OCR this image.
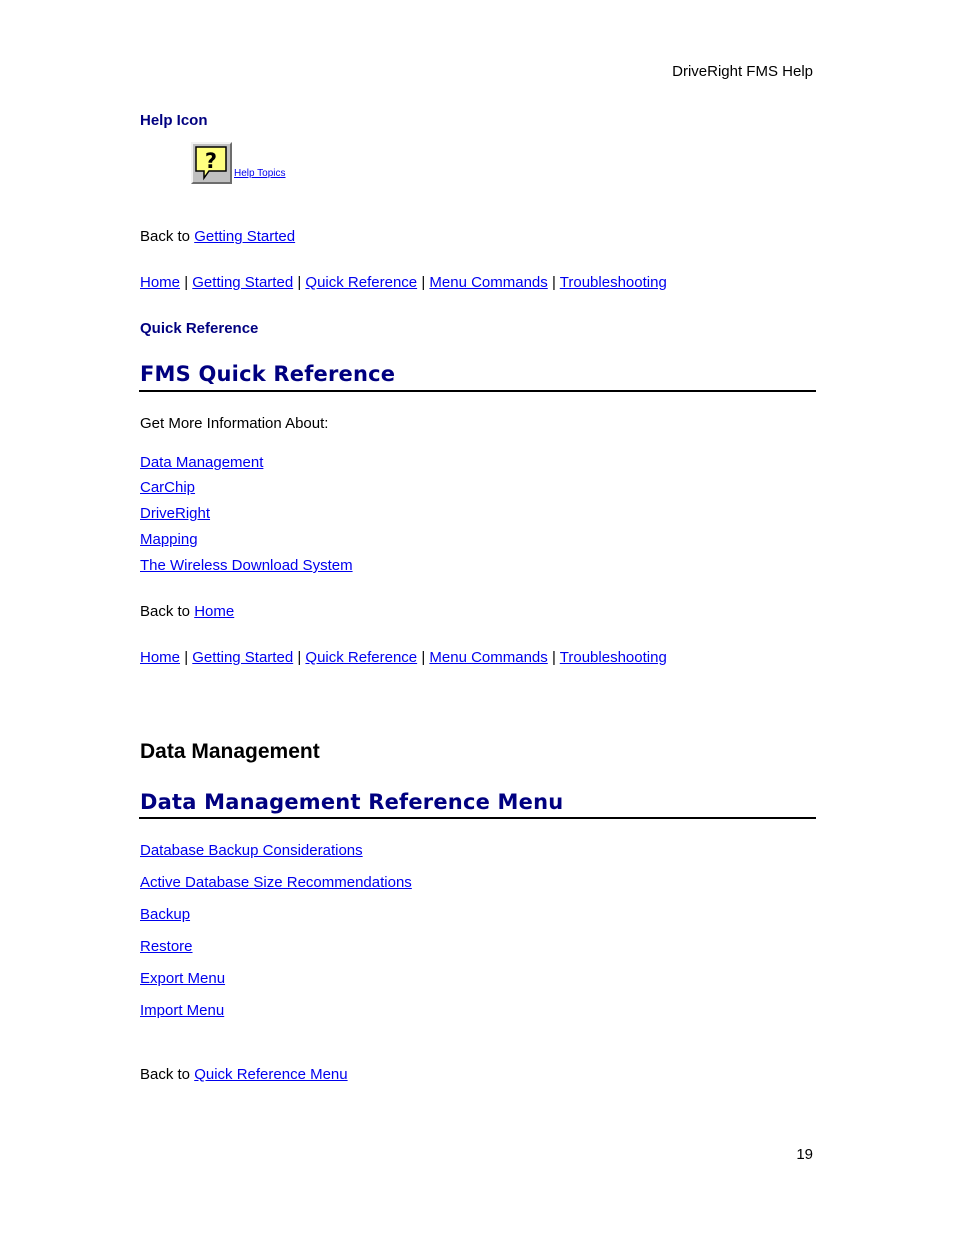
DriveRight FMS Help
Help Icon
?
Help Topics
Back to Getting Started
Home | Getting Started | Quick Reference | Menu Commands | Troubleshooting
Quick Reference
FMS Quick Reference
Get More Information About:
Data Management
CarChip
DriveRight
Mapping
The Wireless Download System
Back to Home
Home | Getting Started | Quick Reference | Menu Commands | Troubleshooting
Data Management
Data Management Reference Menu
Database Backup Considerations
Active Database Size Recommendations
Backup
Restore
Export Menu
Import Menu
Back to Quick Reference Menu
19
